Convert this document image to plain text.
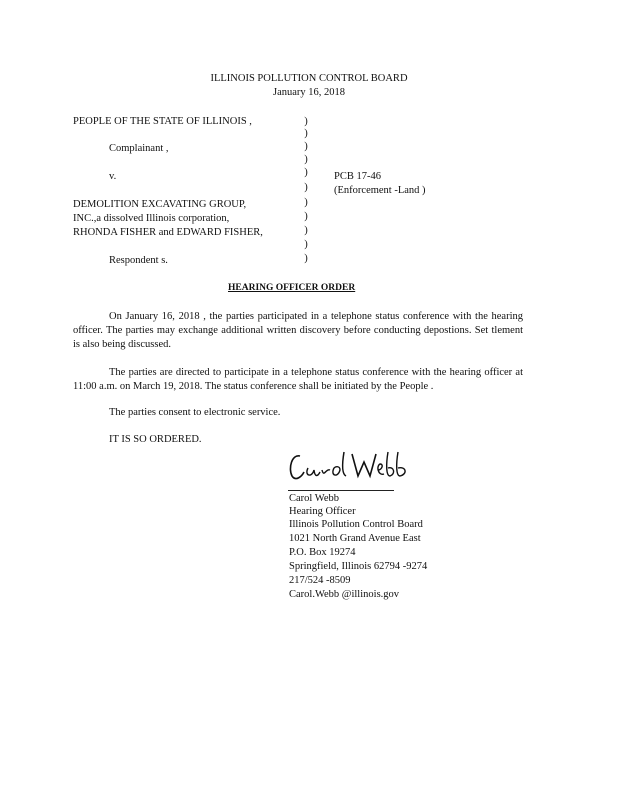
ILLINOIS POLLUTION CONTROL BOARD
January 16, 2018
PEOPLE OF THE STATE OF ILLINOIS ,
Complainant ,
v.
DEMOLITION EXCAVATING GROUP,
INC.,a dissolved Illinois corporation,
RHONDA FISHER and EDWARD FISHER,
Respondent s.
)
)
)
)
)
)
)
)
)
)
)
PCB 17-46
(Enforcement -Land )
HEARING OFFICER ORDER
On January 16, 2018 , the parties participated in a telephone status conference with the hearing officer. The parties may exchange additional written discovery before conducting depostions. Set tlement is also being discussed.
The parties are directed to participate in a telephone status conference with the hearing officer at 11:00 a.m. on March 19, 2018. The status conference shall be initiated by the People .
The parties consent to electronic service.
IT IS SO ORDERED.
Carol Webb
Hearing Officer
Illinois Pollution Control Board
1021 North Grand Avenue East
P.O. Box 19274
Springfield, Illinois 62794 -9274
217/524 -8509
Carol.Webb @illinois.gov
